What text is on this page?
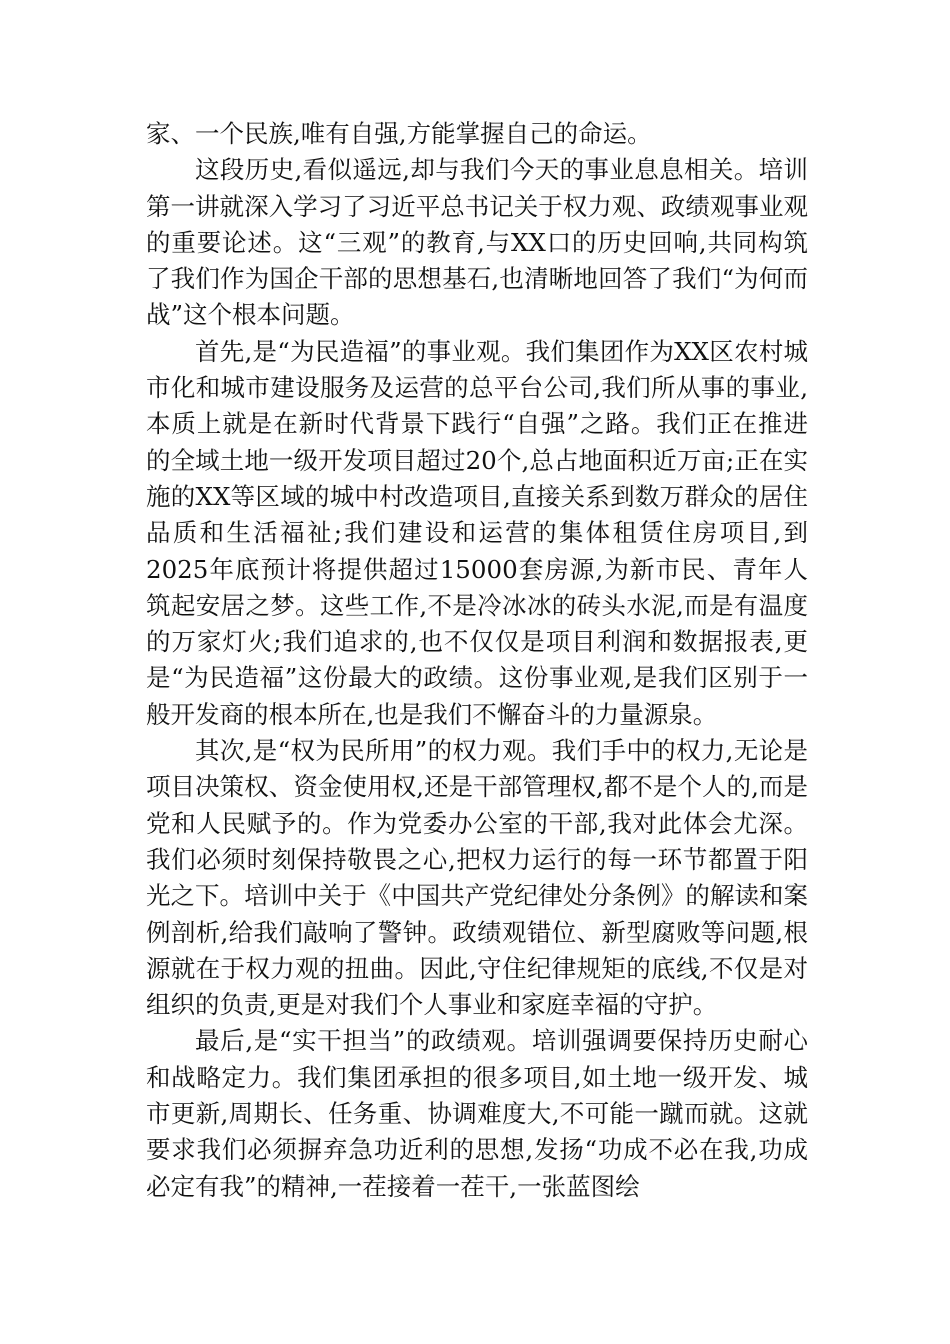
家、一个民族,唯有自强,方能掌握自己的命运。

这段历史,看似遥远,却与我们今天的事业息息相关。培训第一讲就深入学习了习近平总书记关于权力观、政绩观事业观的重要论述。这“三观”的教育,与XX口的历史回响,共同构筑了我们作为国企干部的思想基石,也清晰地回答了我们“为何而战”这个根本问题。

首先,是“为民造福”的事业观。我们集团作为XX区农村城市化和城市建设服务及运营的总平台公司,我们所从事的事业,本质上就是在新时代背景下践行“自强”之路。我们正在推进的全域土地一级开发项目超过20个,总占地面积近万亩;正在实施的XX等区域的城中村改造项目,直接关系到数万群众的居住品质和生活福祉;我们建设和运营的集体租赁住房项目,到2025年底预计将提供超过15000套房源,为新市民、青年人筑起安居之梦。这些工作,不是冷冰冰的砖头水泥,而是有温度的万家灯火;我们追求的,也不仅仅是项目利润和数据报表,更是“为民造福”这份最大的政绩。这份事业观,是我们区别于一般开发商的根本所在,也是我们不懈奋斗的力量源泉。

其次,是“权为民所用”的权力观。我们手中的权力,无论是项目决策权、资金使用权,还是干部管理权,都不是个人的,而是党和人民赋予的。作为党委办公室的干部,我对此体会尤深。我们必须时刻保持敬畏之心,把权力运行的每一环节都置于阳光之下。培训中关于《中国共产党纪律处分条例》的解读和案例剖析,给我们敲响了警钟。政绩观错位、新型腐败等问题,根源就在于权力观的扭曲。因此,守住纪律规矩的底线,不仅是对组织的负责,更是对我们个人事业和家庭幸福的守护。

最后,是“实干担当”的政绩观。培训强调要保持历史耐心和战略定力。我们集团承担的很多项目,如土地一级开发、城市更新,周期长、任务重、协调难度大,不可能一蹴而就。这就要求我们必须摒弃急功近利的思想,发扬“功成不必在我,功成必定有我”的精神,一茬接着一茬干,一张蓝图绘
